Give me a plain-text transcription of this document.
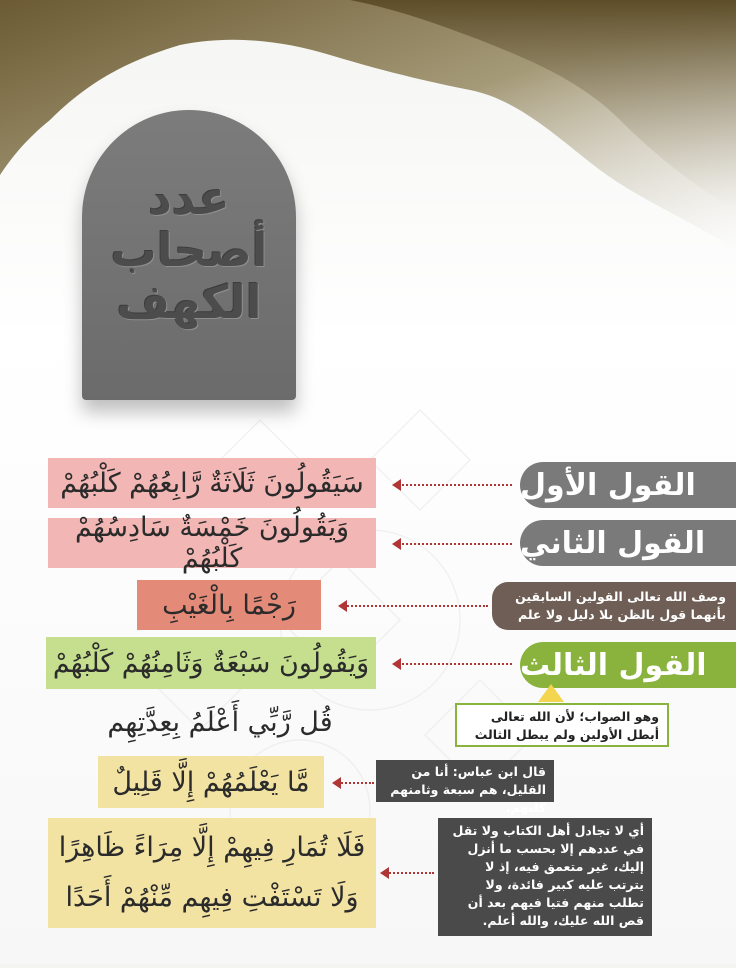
عدد
أصحاب
الكهف
سَيَقُولُونَ ثَلَاثَةٌ رَّابِعُهُمْ كَلْبُهُمْ	القول الأول
وَيَقُولُونَ خَمْسَةٌ سَادِسُهُمْ كَلْبُهُمْ	القول الثاني
رَجْمًا بِالْغَيْبِ	وصف الله تعالى القولين السابقين بأنهما قول بالظن بلا دليل ولا علم
وَيَقُولُونَ سَبْعَةٌ وَثَامِنُهُمْ كَلْبُهُمْ	القول الثالث
وهو الصواب؛ لأن الله تعالى أبطل الأولين ولم يبطل الثالث
قُل رَّبِّي أَعْلَمُ بِعِدَّتِهِم
مَّا يَعْلَمُهُمْ إِلَّا قَلِيلٌ	قال ابن عباس: أنا من القليل، هم سبعة وثامنهم كلبهم.
فَلَا تُمَارِ فِيهِمْ إِلَّا مِرَاءً ظَاهِرًا
وَلَا تَسْتَفْتِ فِيهِم مِّنْهُمْ أَحَدًا
أي لا تجادل أهل الكتاب ولا تقل في عددهم إلا بحسب ما أنزل إليك، غير متعمق فيه، إذ لا يترتب عليه كبير فائدة، ولا تطلب منهم فتيا فيهم بعد أن قص الله عليك، والله أعلم.
